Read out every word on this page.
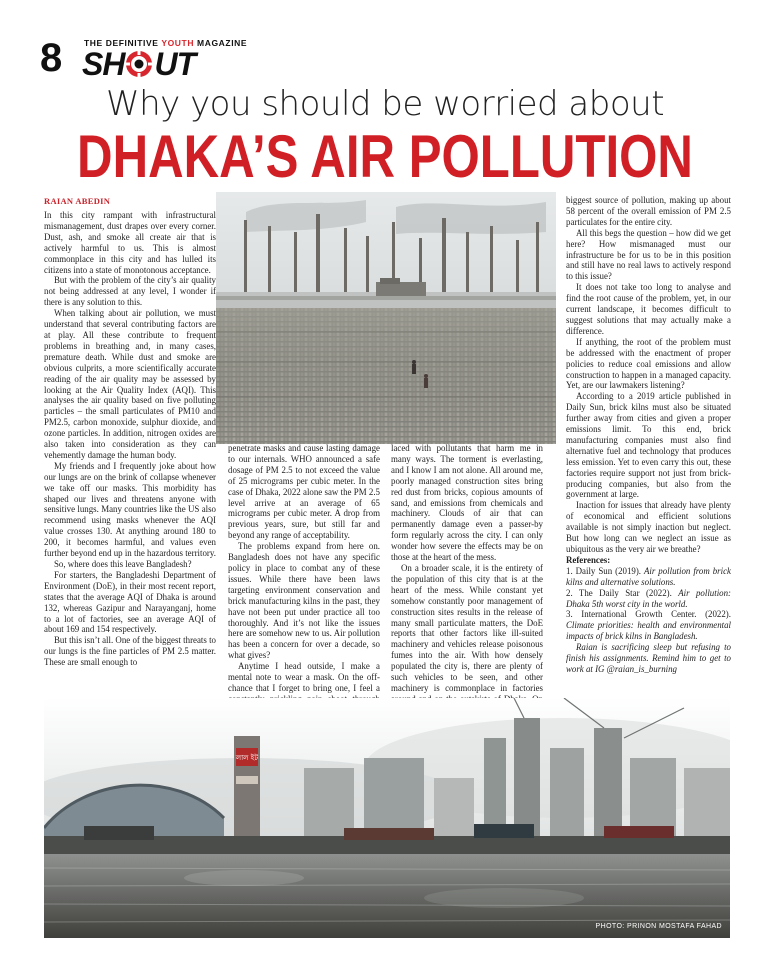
8	THE DEFINITIVE YOUTH MAGAZINE
SH UT
Why you should be worried about
DHAKA’S AIR POLLUTION
RAIAN ABEDIN

In this city rampant with infrastructural mismanagement, dust drapes over every corner. Dust, ash, and smoke all create air that is actively harmful to us. This is almost commonplace in this city and has lulled its citizens into a state of monotonous acceptance.

But with the problem of the city’s air quality not being addressed at any level, I wonder if there is any solution to this.

When talking about air pollution, we must understand that several contributing factors are at play. All these contribute to frequent problems in breathing and, in many cases, premature death. While dust and smoke are obvious culprits, a more scientifically accurate reading of the air quality may be assessed by looking at the Air Quality Index (AQI). This analyses the air quality based on five polluting particles – the small particulates of PM10 and PM2.5, carbon monoxide, sulphur dioxide, and ozone particles. In addition, nitrogen oxides are also taken into consideration as they can vehemently damage the human body.

My friends and I frequently joke about how our lungs are on the brink of collapse whenever we take off our masks. This morbidity has shaped our lives and threatens anyone with sensitive lungs. Many countries like the US also recommend using masks whenever the AQI value crosses 130. At anything around 180 to 200, it becomes harmful, and values even further beyond end up in the hazardous territory.

So, where does this leave Bangladesh?

For starters, the Bangladeshi Department of Environment (DoE), in their most recent report, states that the average AQI of Dhaka is around 132, whereas Gazipur and Narayanganj, home to a lot of factories, see an average AQI of about 169 and 154 respectively.

But this isn’t all. One of the biggest threats to our lungs is the fine particles of PM 2.5 matter. These are small enough to

penetrate masks and cause lasting damage to our internals. WHO announced a safe dosage of PM 2.5 to not exceed the value of 25 micrograms per cubic meter. In the case of Dhaka, 2022 alone saw the PM 2.5 level arrive at an average of 65 micrograms per cubic meter. A drop from previous years, sure, but still far and beyond any range of acceptability.

The problems expand from here on. Bangladesh does not have any specific policy in place to combat any of these issues. While there have been laws targeting environment conservation and brick manufacturing kilns in the past, they have not been put under practice all too thoroughly. And it’s not like the issues here are somehow new to us. Air pollution has been a concern for over a decade, so what gives?

Anytime I head outside, I make a mental note to wear a mask. On the off-chance that I forget to bring one, I feel a

laced with pollutants that harm me in many ways. The torment is everlasting, and I know I am not alone. All around me, poorly managed construction sites bring red dust from bricks, copious amounts of sand, and emissions from chemicals and machinery. Clouds of air that can permanently damage even a passer-by form regularly across the city. I can only wonder how severe the effects may be on those at the heart of the mess.

On a broader scale, it is the entirety of the population of this city that is at the heart of the mess. While constant yet somehow constantly poor management of construction sites results in the release of many small particulate matters, the DoE reports that other factors like ill-suited machinery and vehicles release poisonous fumes into the air. With how densely populated the city is, there are plenty of such vehicles to be seen, and other machinery is commonplace in factories

biggest source of pollution, making up about 58 percent of the overall emission of PM 2.5 particulates for the entire city.

All this begs the question – how did we get here? How mismanaged must our infrastructure be for us to be in this position and still have no real laws to actively respond to this issue?

It does not take too long to analyse and find the root cause of the problem, yet, in our current landscape, it becomes difficult to suggest solutions that may actually make a difference.

If anything, the root of the problem must be addressed with the enactment of proper policies to reduce coal emissions and allow construction to happen in a managed capacity. Yet, are our lawmakers listening?

According to a 2019 article published in Daily Sun, brick kilns must also be situated further away from cities and given a proper emissions limit. To this end, brick manufacturing companies must also find alternative fuel and technology that produces less emission. Yet to even carry this out, these factories require support not just from brick-producing companies, but also from the government at large.

Inaction for issues that already have plenty of economical and efficient solutions available is not simply inaction but neglect. But how long can we neglect an issue as ubiquitous as the very air we breathe?

References:

1. Daily Sun (2019). Air pollution from brick kilns and alternative solutions.

2. The Daily Star (2022). Air pollution: Dhaka 5th worst city in the world.

3. International Growth Center. (2022). Climate priorities: health and environmental impacts of brick kilns in Bangladesh.

Raian is sacrificing sleep but refusing to finish his assignments. Remind him to get to work at IG @raian_is_burning

লাল ইট
PHOTO: PRINON MOSTAFA FAHAD
